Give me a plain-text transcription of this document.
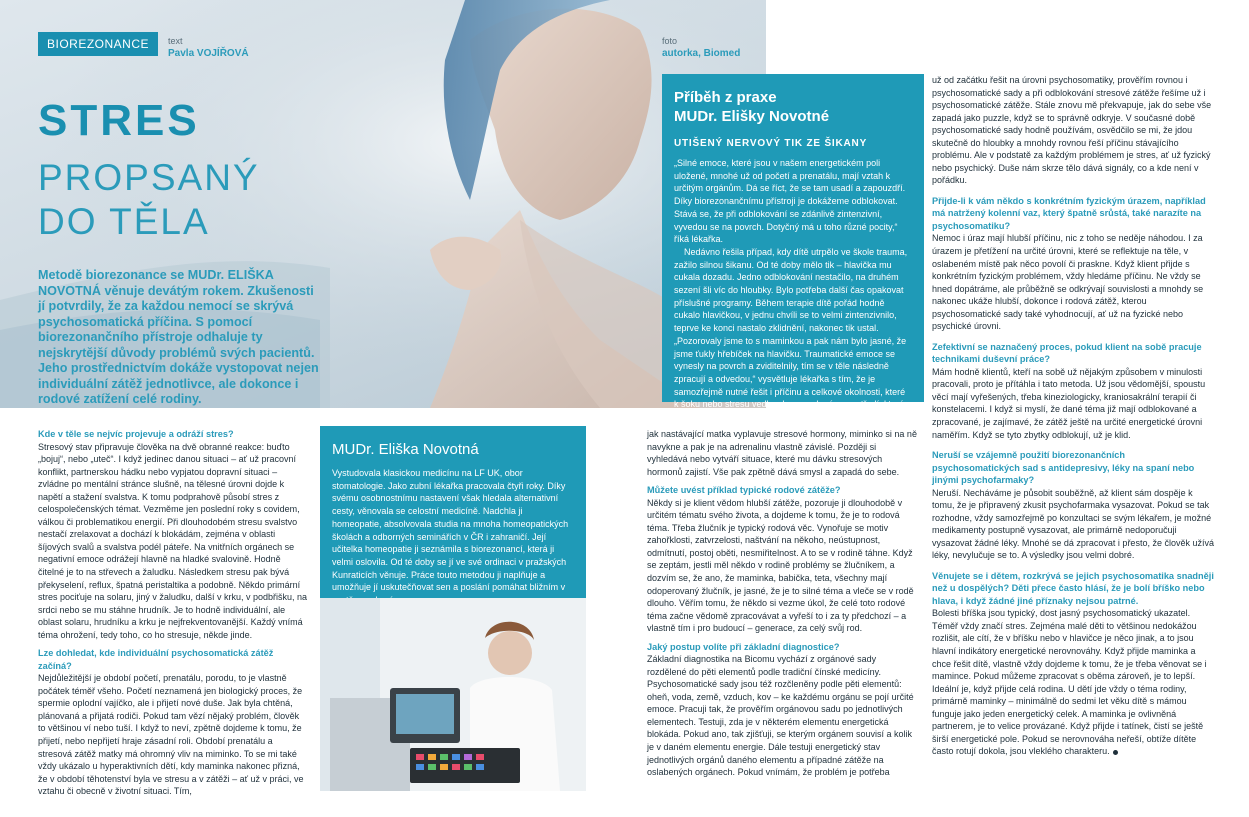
BIOREZONANCE	text
Pavla VOJÍŘOVÁ
STRES
PROPSANÝ
DO TĚLA
Metodě biorezonance se MUDr. ELIŠKA NOVOTNÁ věnuje devátým rokem. Zkušenosti jí potvrdily, že za každou nemocí se skrývá psychosomatická příčina. S pomocí biorezonančního přístroje odhaluje ty nejskrytější důvody problémů svých pacientů. Jeho prostřednictvím dokáže vystopovat nejen individuální zátěž jednotlivce, ale dokonce i rodové zatížení celé rodiny.
foto
autorka, Biomed
Příběh z praxe
MUDr. Elišky Novotné
UTIŠENÝ NERVOVÝ TIK ZE ŠIKANY

„Silné emoce, které jsou v našem energetickém poli uložené, mnohé už od početí a prenatálu, mají vztah k určitým orgánům. Dá se říct, že se tam usadí a zapouzdří. Díky biorezonančnímu přístroji je dokážeme odblokovat. Stává se, že při odblokování se zdánlivě zintenzivní, vyvedou se na povrch. Dotyčný má u toho různé pocity,“ říká lékařka.

Nedávno řešila případ, kdy dítě utrpělo ve škole trauma, zažilo silnou šikanu. Od té doby mělo tik – hlavička mu cukala dozadu. Jedno odblokování nestačilo, na druhém sezení šli víc do hloubky. Bylo potřeba další čas opakovat příslušné programy. Během terapie dítě pořád hodně cukalo hlavičkou, v jednu chvíli se to velmi zintenzivnilo, teprve ke konci nastalo zklidnění, nakonec tik ustal. „Pozorovaly jsme to s maminkou a pak nám bylo jasné, že jsme ťukly hřebíček na hlavičku. Traumatické emoce se vynesly na povrch a zviditelnily, tím se v těle následně zpracují a odvedou,“ vysvětluje lékařka s tím, že je samozřejmě nutné řešit i příčinu a celkové okolnosti, které k šoku nebo stresu vedly, aby se v daném prostředí, které je způsobilo, problémy znovu neopakovaly.

Kde v těle se nejvíc projevuje a odráží stres?
Stresový stav připravuje člověka na dvě obranné reakce: buďto „bojuj“, nebo „uteč“. I když jedinec danou situaci – ať už pracovní konflikt, partnerskou hádku nebo vypjatou dopravní situaci – zvládne po mentální stránce slušně, na tělesné úrovni dojde k napětí a stažení svalstva. K tomu podprahově působí stres z celospolečenských témat. Vezměme jen poslední roky s covidem, válkou či problematikou energií. Při dlouhodobém stresu svalstvo nestačí zrelaxovat a dochází k blokádám, zejména v oblasti šíjových svalů a svalstva podél páteře. Na vnitřních orgánech se negativní emoce odrážejí hlavně na hladké svalovině. Hodně čitelné je to na střevech a žaludku. Následkem stresu pak bývá překyselení, reflux, špatná peristaltika a podobně. Někdo primární stres pociťuje na solaru, jiný v žaludku, další v krku, v podbřišku, na srdci nebo se mu stáhne hrudník. Je to hodně individuální, ale oblast solaru, hrudníku a krku je nejfrekventovanější. Každý vnímá téma ohrožení, tedy toho, co ho stresuje, někde jinde.
Lze dohledat, kde individuální psychosomatická zátěž začíná?
Nejdůležitější je období početí, prenatálu, porodu, to je vlastně počátek téměř všeho. Početí neznamená jen biologický proces, že spermie oplodní vajíčko, ale i přijetí nové duše. Jak byla chtěná, plánovaná a přijatá rodiči. Pokud tam vězí nějaký problém, člověk to většinou ví nebo tuší. I když to neví, zpětně dojdeme k tomu, že přijetí, nebo nepřijetí hraje zásadní roli. Období prenatálu a stresová zátěž matky má ohromný vliv na miminko. To se mi také vždy ukázalo u hyperaktivních dětí, kdy maminka nakonec přizná, že v období těhotenství byla ve stresu a v zátěži – ať už v práci, ve vztahu či obecně v životní situaci. Tím,
MUDr. Eliška Novotná

Vystudovala klasickou medicínu na LF UK, obor stomatologie. Jako zubní lékařka pracovala čtyři roky. Díky svému osobnostnímu nastavení však hledala alternativní cesty, věnovala se celostní medicíně. Nadchla ji homeopatie, absolvovala studia na mnoha homeopatických školách a odborných seminářích v ČR i zahraničí. Její učitelka homeopatie ji seznámila s biorezonancí, která ji velmi oslovila. Od té doby se jí ve své ordinaci v pražských Kunraticích věnuje. Práce touto metodou ji naplňuje a umožňuje jí uskutečňovat sen a poslání pomáhat bližním v

jak nastávající matka vyplavuje stresové hormony, miminko si na ně navykne a pak je na adrenalinu vlastně závislé. Později si vyhledává nebo vytváří situace, které mu dávku stresových hormonů zajistí. Vše pak zpětně dává smysl a zapadá do sebe.
Můžete uvést příklad typické rodové zátěže?
Někdy si je klient vědom hlubší zátěže, pozoruje ji dlouhodobě v určitém tématu svého života, a dojdeme k tomu, že je to rodová téma. Třeba žlučník je typický rodová věc. Vynořuje se motiv zahořklosti, zatvrzelosti, naštvání na někoho, neústupnost, odmítnutí, postoj oběti, nesmiřitelnost. A to se v rodině táhne. Když se zeptám, jestli měl někdo v rodině problémy se žlučníkem, a dozvím se, že ano, že maminka, babička, teta, všechny mají odoperovaný žlučník, je jasné, že je to silné téma a vleče se v rodě dlouho. Věřím tomu, že někdo si vezme úkol, že celé toto rodové téma začne vědomě zpracovávat a vyřeší to i za ty předchozí – a vlastně tím i pro budoucí – generace, za celý svůj rod.
Jaký postup volíte při základní diagnostice?
Základní diagnostika na Bicomu vychází z orgánové sady rozdělené do pěti elementů podle tradiční čínské medicíny. Psychosomatické sady jsou též rozčleněny podle pěti elementů: oheň, voda, země, vzduch, kov – ke každému orgánu se pojí určité emoce. Pracuji tak, že prověřím orgánovou sadu po jednotlivých elementech. Testuji, zda je v některém elementu energetická blokáda. Pokud ano, tak zjišťuji, se kterým orgánem souvisí a kolik je v daném elementu energie. Dále testuji energetický stav jednotlivých orgánů daného elementu a případné zátěže na oslabených orgánech. Pokud vnímám, že problém je potřeba
už od začátku řešit na úrovni psychosomatiky, prověřím rovnou i psychosomatické sady a při odblokování stresové zátěže řešíme už i psychosomatické zátěže. Stále znovu mě překvapuje, jak do sebe vše zapadá jako puzzle, když se to správně odkryje. V současné době psychosomatické sady hodně používám, osvědčilo se mi, že jdou skutečně do hloubky a mnohdy rovnou řeší příčinu stávajícího problému. Ale v podstatě za každým problémem je stres, ať už fyzický nebo psychický. Duše nám skrze tělo dává signály, co a kde není v pořádku.
Přijde-li k vám někdo s konkrétním fyzickým úrazem, například má natržený kolenní vaz, který špatně srůstá, také narazíte na psychosomatiku?
Nemoc i úraz mají hlubší příčinu, nic z toho se neděje náhodou. I za úrazem je přetížení na určité úrovni, které se reflektuje na těle, v oslabeném místě pak něco povolí či praskne. Když klient přijde s konkrétním fyzickým problémem, vždy hledáme příčinu. Ne vždy se hned dopátráme, ale průběžně se odkrývají souvislosti a mnohdy se nakonec ukáže hlubší, dokonce i rodová zátěž, kterou psychosomatické sady také vyhodnocují, ať už na fyzické nebo psychické úrovni.
Zefektivní se naznačený proces, pokud klient na sobě pracuje technikami duševní práce?
Mám hodně klientů, kteří na sobě už nějakým způsobem v minulosti pracovali, proto je přítáhla i tato metoda. Už jsou vědomější, spoustu věcí mají vyřešených, třeba kineziologicky, kraniosakrální terapií či konstelacemi. I když si myslí, že dané téma již mají odblokované a zpracované, je zajímavé, že zátěž ještě na určité energetické úrovni naměřím. Když se tyto zbytky odblokují, už je klid.
Neruší se vzájemně použití biorezonančních psychosomatických sad s antidepresivy, léky na spaní nebo jinými psychofarmaky?
Neruší. Necháváme je působit souběžně, až klient sám dospěje k tomu, že je připravený zkusit psychofarmaka vysazovat. Pokud se tak rozhodne, vždy samozřejmě po konzultaci se svým lékařem, je možné medikamenty postupně vysazovat, ale primárně nedoporučuji vysazovat žádné léky. Mnohé se dá zpracovat i přesto, že člověk užívá léky, nevylučuje se to. A výsledky jsou velmi dobré.
Věnujete se i dětem, rozkrývá se jejich psychosomatika snadněji než u dospělých? Děti přece často hlásí, že je bolí bříško nebo hlava, i když žádné jiné příznaky nejsou patrné.
Bolesti bříška jsou typický, dost jasný psychosomatický ukazatel. Téměř vždy značí stres. Zejména malé děti to většinou nedokážou rozlišit, ale cítí, že v bříšku nebo v hlavičce je něco jinak, a to jsou hlavní indikátory energetické nerovnováhy. Když přijde maminka a chce řešit dítě, vlastně vždy dojdeme k tomu, že je třeba věnovat se i mamince. Pokud můžeme zpracovat s oběma zároveň, je to lepší. Ideální je, když přijde celá rodina. U dětí jde vždy o téma rodiny, primárně maminky – minimálně do sedmi let věku dítě s mámou funguje jako jeden energetický celek. A maminka je ovlivněná partnerem, je to velice provázané. Když přijde i tatínek, čistí se ještě širší energetické pole. Pokud se nerovnováha neřeší, obtíže dítěte často rotují dokola, jsou vleklého charakteru.
